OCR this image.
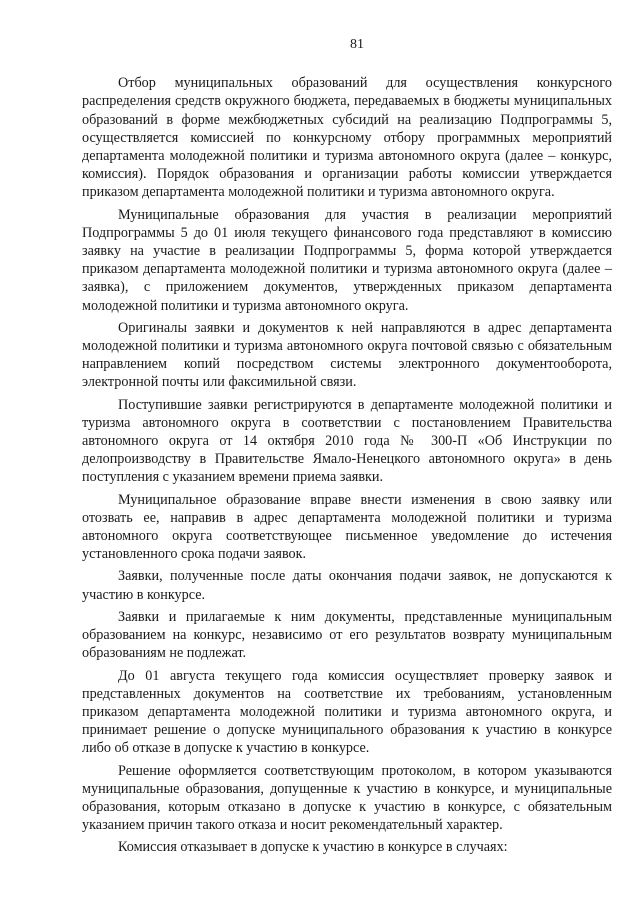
81

Отбор муниципальных образований для осуществления конкурсного распределения средств окружного бюджета, передаваемых в бюджеты муниципальных образований в форме межбюджетных субсидий на реализацию Подпрограммы 5, осуществляется комиссией по конкурсному отбору программных мероприятий департамента молодежной политики и туризма автономного округа (далее – конкурс, комиссия). Порядок образования и организации работы комиссии утверждается приказом департамента молодежной политики и туризма автономного округа.

Муниципальные образования для участия в реализации мероприятий Подпрограммы 5 до 01 июля текущего финансового года представляют в комиссию заявку на участие в реализации Подпрограммы 5, форма которой утверждается приказом департамента молодежной политики и туризма автономного округа (далее – заявка), с приложением документов, утвержденных приказом департамента молодежной политики и туризма автономного округа.

Оригиналы заявки и документов к ней направляются в адрес департамента молодежной политики и туризма автономного округа почтовой связью с обязательным направлением копий посредством системы электронного документооборота, электронной почты или факсимильной связи.

Поступившие заявки регистрируются в департаменте молодежной политики и туризма автономного округа в соответствии с постановлением Правительства автономного округа от 14 октября 2010 года № 300-П «Об Инструкции по делопроизводству в Правительстве Ямало-Ненецкого автономного округа» в день поступления с указанием времени приема заявки.

Муниципальное образование вправе внести изменения в свою заявку или отозвать ее, направив в адрес департамента молодежной политики и туризма автономного округа соответствующее письменное уведомление до истечения установленного срока подачи заявок.

Заявки, полученные после даты окончания подачи заявок, не допускаются к участию в конкурсе.

Заявки и прилагаемые к ним документы, представленные муниципальным образованием на конкурс, независимо от его результатов возврату муниципальным образованиям не подлежат.

До 01 августа текущего года комиссия осуществляет проверку заявок и представленных документов на соответствие их требованиям, установленным приказом департамента молодежной политики и туризма автономного округа, и принимает решение о допуске муниципального образования к участию в конкурсе либо об отказе в допуске к участию в конкурсе.

Решение оформляется соответствующим протоколом, в котором указываются муниципальные образования, допущенные к участию в конкурсе, и муниципальные образования, которым отказано в допуске к участию в конкурсе, с обязательным указанием причин такого отказа и носит рекомендательный характер.

Комиссия отказывает в допуске к участию в конкурсе в случаях:
